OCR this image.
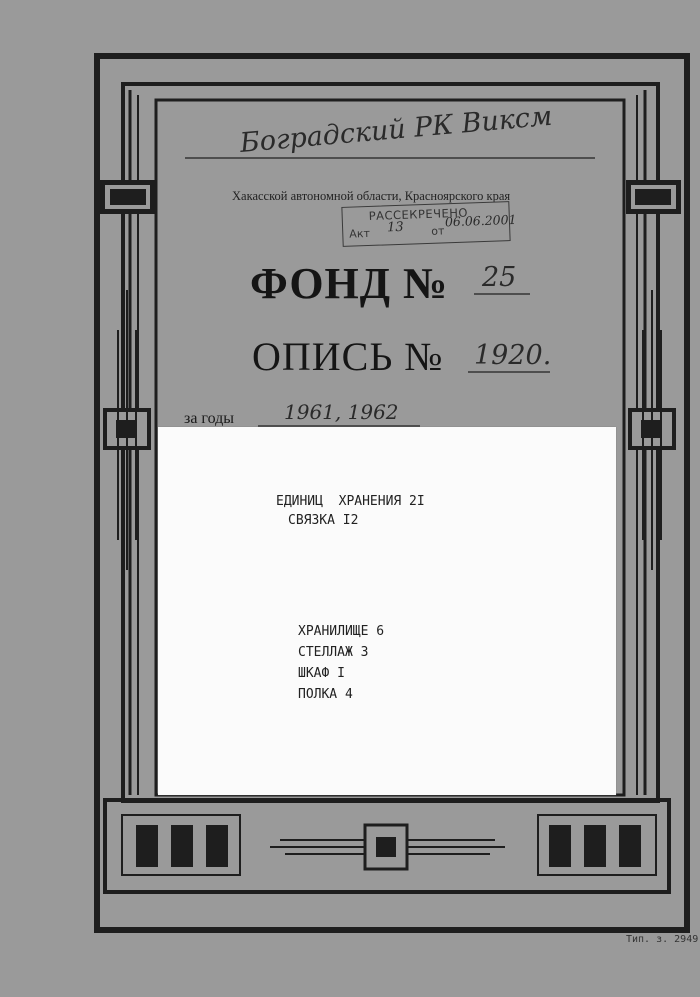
Боградский РК Виксм
Хакасской автономной области, Красноярского края
РАССЕКРЕЧЕНО
Акт 13 от
06.06.2001
ФОНД № 25
ОПИСЬ № 1920.
за годы 1961, 1962
ЕДИНИЦ  ХРАНЕНИЯ 2I
СВЯЗКА I2
ХРАНИЛИЩЕ 6
СТЕЛЛАЖ 3
ШКАФ I
ПОЛКА 4
Тип. з. 2949
